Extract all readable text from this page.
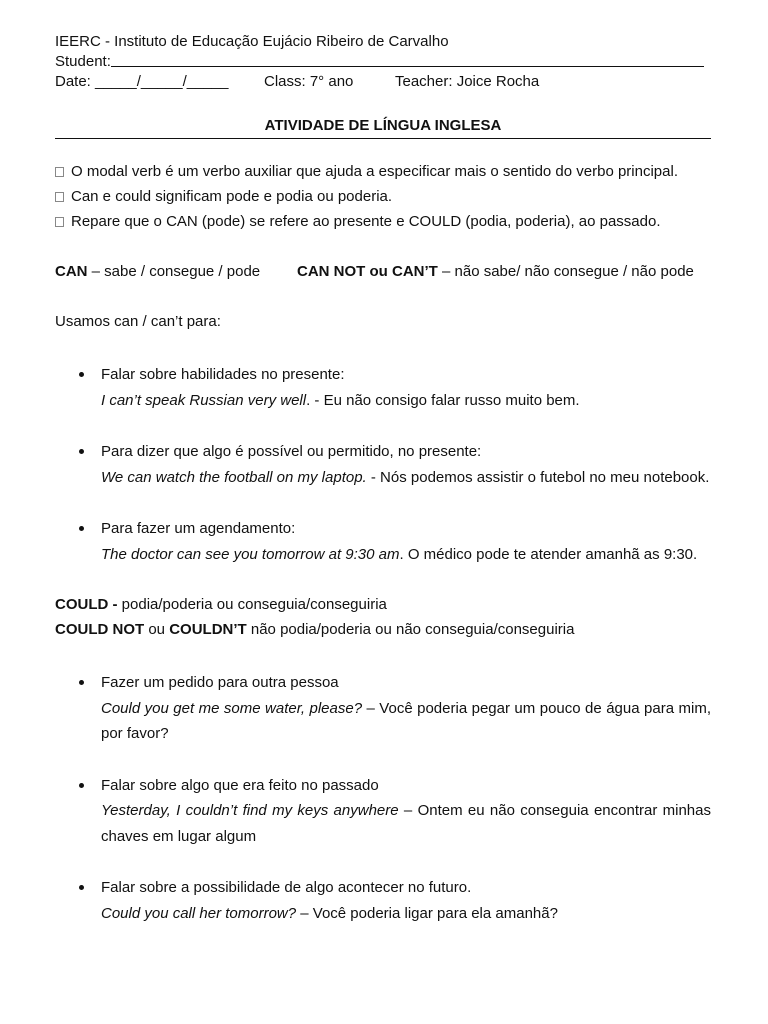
IEERC - Instituto de Educação Eujácio Ribeiro de Carvalho
Student:
Date: _____/_____/_____	Class: 7° ano	Teacher: Joice Rocha
ATIVIDADE DE LÍNGUA INGLESA
O modal verb é um verbo auxiliar que ajuda a especificar mais o sentido do verbo principal.
Can e could significam pode e podia ou poderia.
Repare que o CAN (pode) se refere ao presente e COULD (podia, poderia), ao passado.
CAN – sabe / consegue / pode CAN NOT ou CAN’T – não sabe/ não consegue / não pode
Usamos can / can’t para:
Falar sobre habilidades no presente:
I can’t speak Russian very well. - Eu não consigo falar russo muito bem.
Para dizer que algo é possível ou permitido, no presente:
We can watch the football on my laptop. - Nós podemos assistir o futebol no meu notebook.
Para fazer um agendamento:
The doctor can see you tomorrow at 9:30 am. O médico pode te atender amanhã as 9:30.
COULD - podia/poderia ou conseguia/conseguiria
COULD NOT ou COULDN’T não podia/poderia ou não conseguia/conseguiria
Fazer um pedido para outra pessoa
Could you get me some water, please? – Você poderia pegar um pouco de água para mim, por favor?
Falar sobre algo que era feito no passado
Yesterday, I couldn’t find my keys anywhere – Ontem eu não conseguia encontrar minhas chaves em lugar algum
Falar sobre a possibilidade de algo acontecer no futuro.
Could you call her tomorrow? – Você poderia ligar para ela amanhã?
